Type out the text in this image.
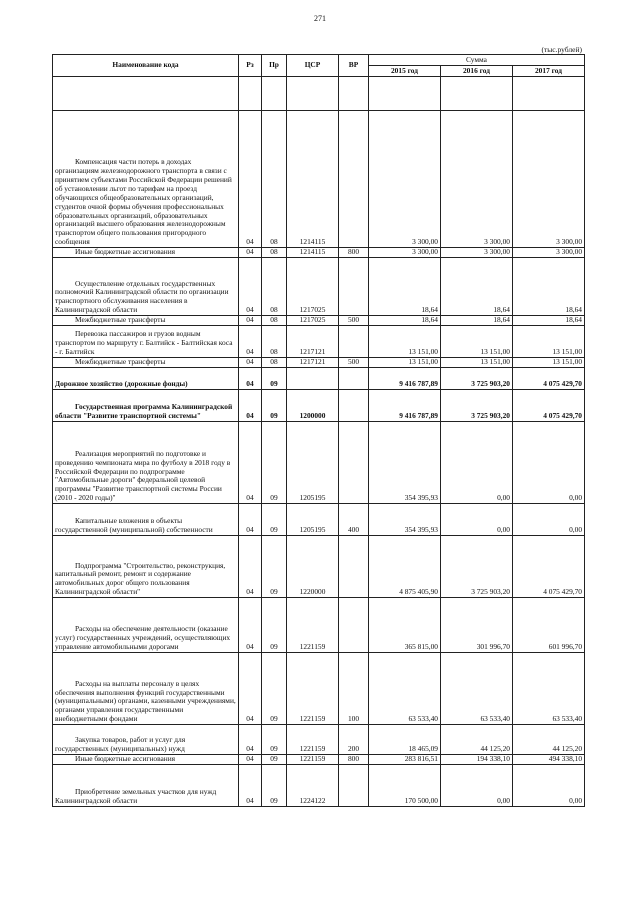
271
(тыс.рублей)
Наименование кода	Рз	Пр	ЦСР	ВР	Сумма		
					2015 год	2016 год	2017 год

Компенсация части потерь в доходах организациям железнодорожного транспорта в связи с принятием субъектами Российской Федерации решений об установлении льгот по тарифам на проезд обучающихся общеобразовательных организаций, студентов очной формы обучения профессиональных образовательных организаций, образовательных организаций высшего образования железнодорожным транспортом общего пользования пригородного сообщения	04	08	1214115		3 300,00	3 300,00	3 300,00

Иные бюджетные ассигнования	04	08	1214115	800	3 300,00	3 300,00	3 300,00

Осуществление отдельных государственных полномочий Калининградской области по организации транспортного обслуживания населения в Калининградской области	04	08	1217025		18,64	18,64	18,64

Межбюджетные трансферты	04	08	1217025	500	18,64	18,64	18,64

Перевозка пассажиров и грузов водным транспортом по маршруту г. Балтийск - Балтийская коса - г. Балтийск	04	08	1217121		13 151,00	13 151,00	13 151,00

Межбюджетные трансферты	04	08	1217121	500	13 151,00	13 151,00	13 151,00
Дорожное хозяйство (дорожные фонды)	04	09			9 416 787,89	3 725 903,20	4 075 429,70

Государственная программа Калининградской области "Развитие транспортной системы"	04	09	1200000		9 416 787,89	3 725 903,20	4 075 429,70

Реализация мероприятий по подготовке и проведению чемпионата мира по футболу в 2018 году в Российской Федерации по подпрограмме "Автомобильные дороги" федеральной целевой программы "Развитие транспортной системы России (2010 - 2020 годы)"	04	09	1205195		354 395,93	0,00	0,00

Капитальные вложения в объекты государственной (муниципальной) собственности	04	09	1205195	400	354 395,93	0,00	0,00

Подпрограмма "Строительство, реконструкция, капитальный ремонт, ремонт и содержание автомобильных дорог общего пользования Калининградской области"	04	09	1220000		4 875 405,90	3 725 903,20	4 075 429,70

Расходы на обеспечение деятельности (оказание услуг) государственных учреждений, осуществляющих управление автомобильными дорогами	04	09	1221159		365 815,00	301 996,70	601 996,70

Расходы на выплаты персоналу в целях обеспечения выполнения функций государственными (муниципальными) органами, казенными учреждениями, органами управления государственными внебюджетными фондами	04	09	1221159	100	63 533,40	63 533,40	63 533,40

Закупка товаров, работ и услуг для государственных (муниципальных) нужд	04	09	1221159	200	18 465,09	44 125,20	44 125,20

Иные бюджетные ассигнования	04	09	1221159	800	283 816,51	194 338,10	494 338,10

Приобретение земельных участков для нужд Калининградской области	04	09	1224122		170 500,00	0,00	0,00
